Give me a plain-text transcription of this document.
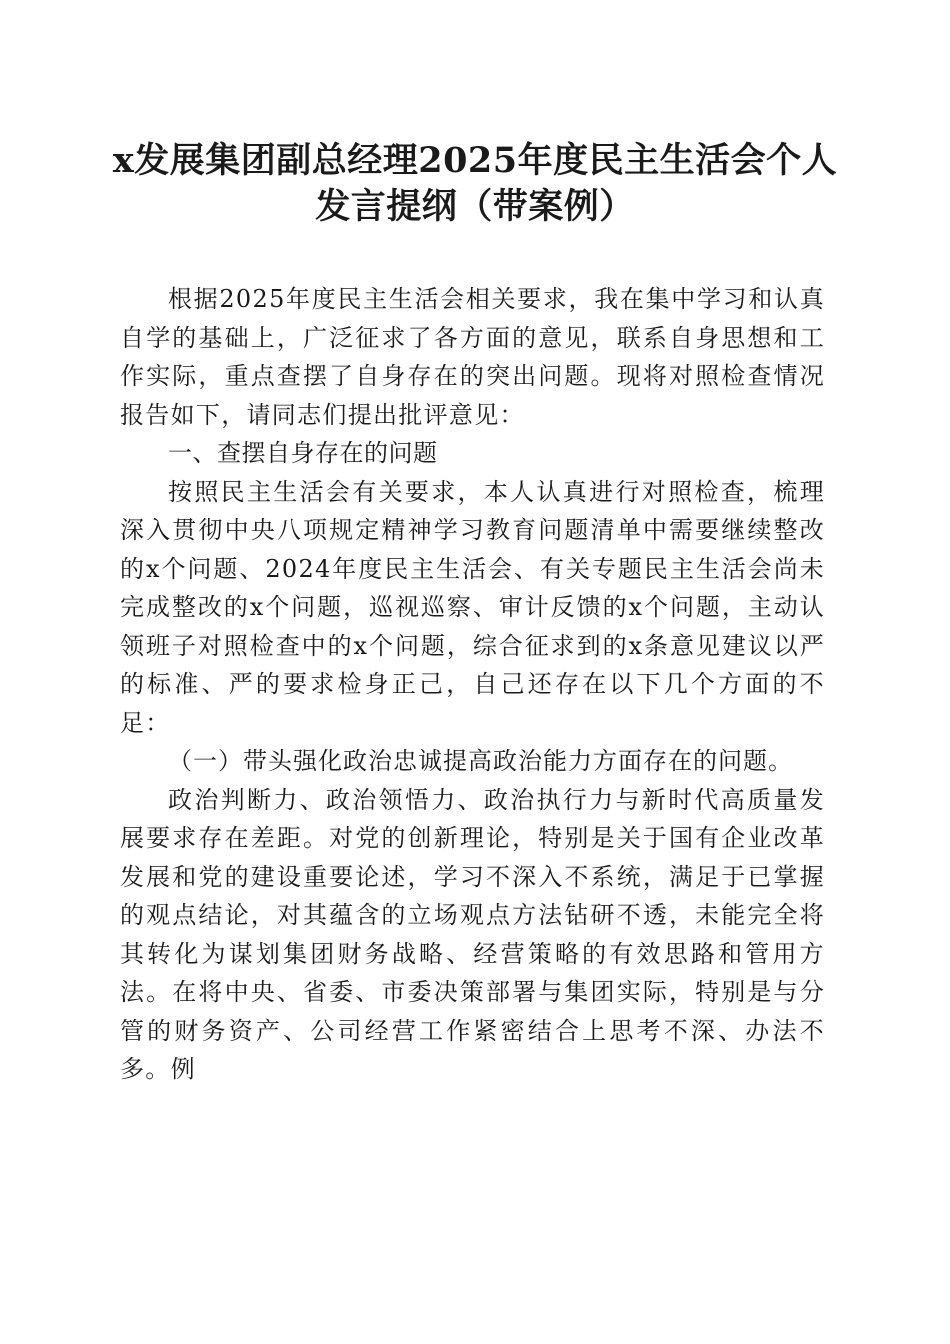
x发展集团副总经理2025年度民主生活会个人
发言提纲（带案例）

根据2025年度民主生活会相关要求，我在集中学习和认真自学的基础上，广泛征求了各方面的意见，联系自身思想和工作实际，重点查摆了自身存在的突出问题。现将对照检查情况报告如下，请同志们提出批评意见：

一、查摆自身存在的问题

按照民主生活会有关要求，本人认真进行对照检查，梳理深入贯彻中央八项规定精神学习教育问题清单中需要继续整改的x个问题、2024年度民主生活会、有关专题民主生活会尚未完成整改的x个问题，巡视巡察、审计反馈的x个问题，主动认领班子对照检查中的x个问题，综合征求到的x条意见建议以严的标准、严的要求检身正己，自己还存在以下几个方面的不足：

（一）带头强化政治忠诚提高政治能力方面存在的问题。

政治判断力、政治领悟力、政治执行力与新时代高质量发展要求存在差距。对党的创新理论，特别是关于国有企业改革发展和党的建设重要论述，学习不深入不系统，满足于已掌握的观点结论，对其蕴含的立场观点方法钻研不透，未能完全将其转化为谋划集团财务战略、经营策略的有效思路和管用方法。在将中央、省委、市委决策部署与集团实际，特别是与分管的财务资产、公司经营工作紧密结合上思考不深、办法不多。例
